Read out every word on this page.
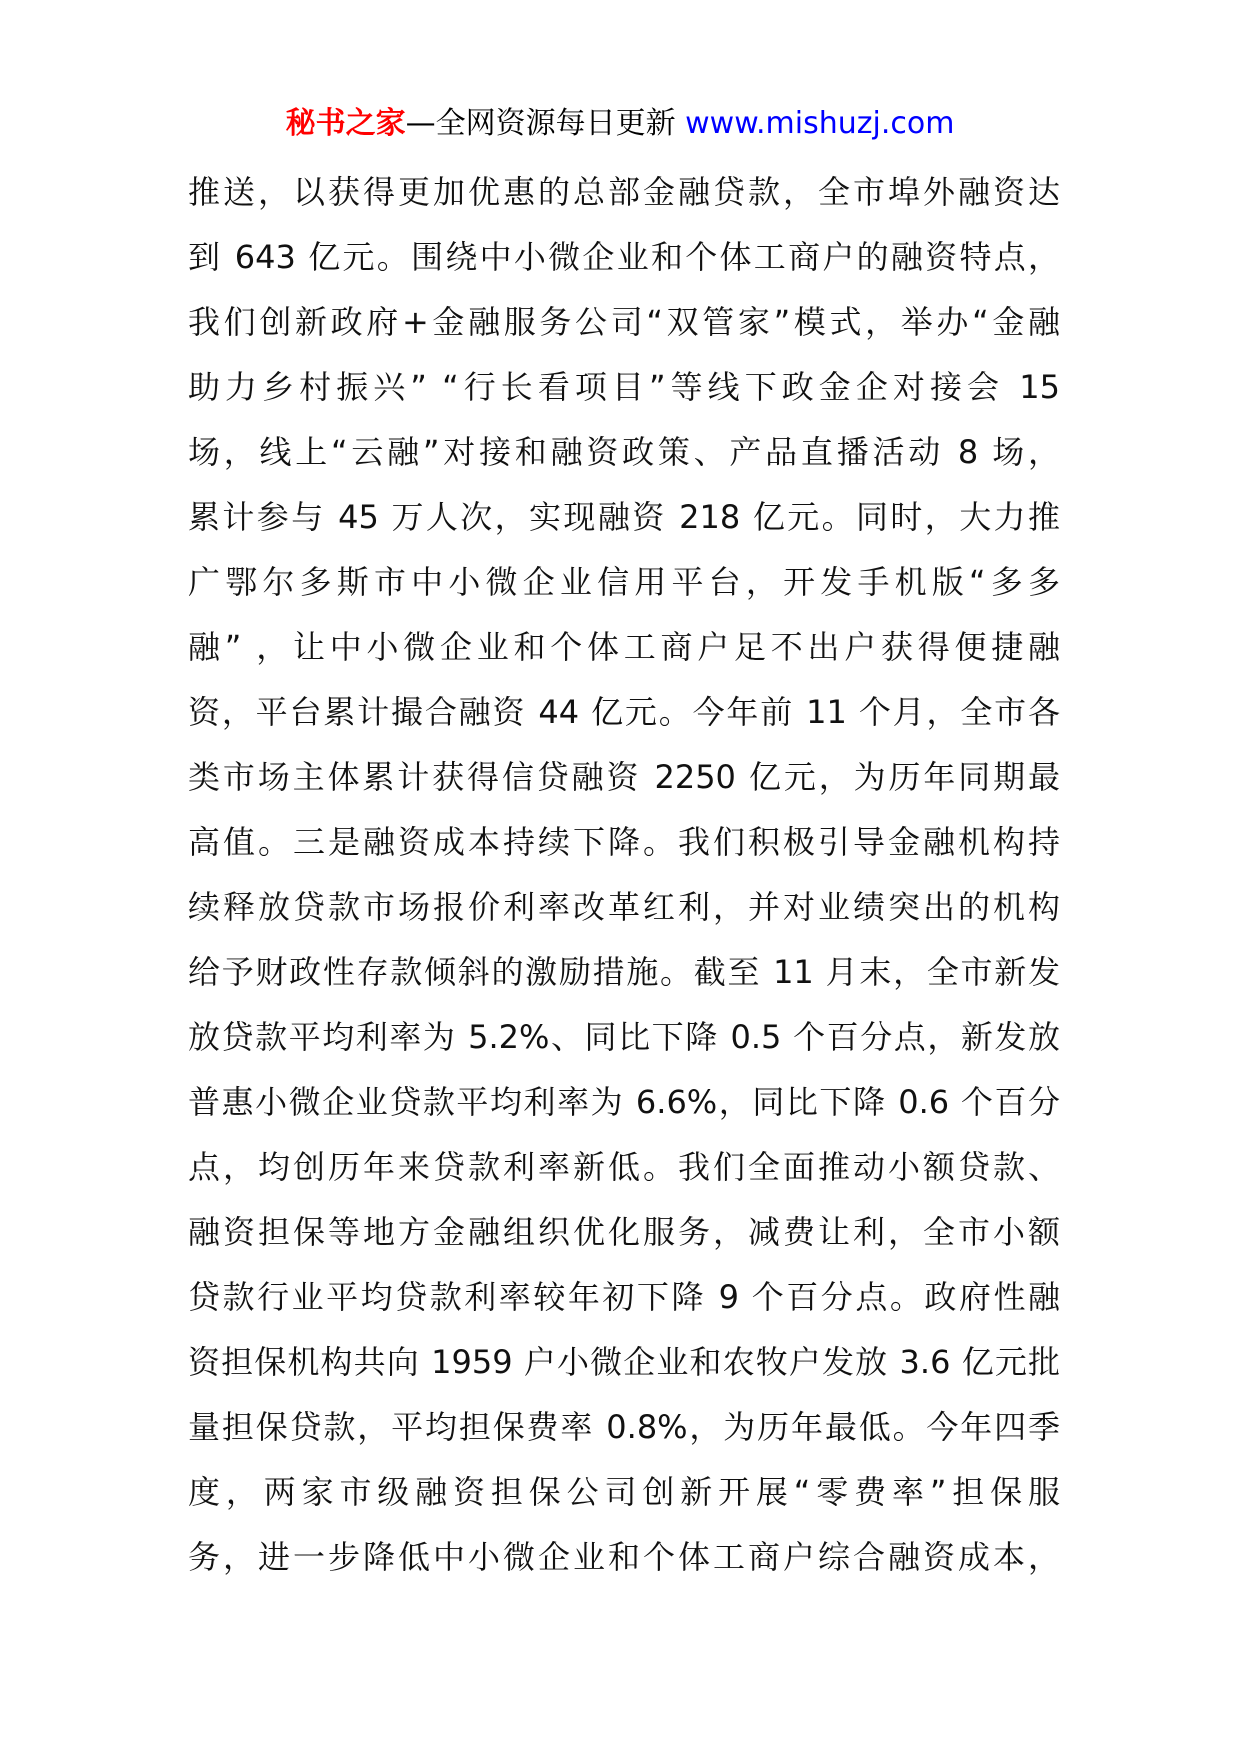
秘书之家—全网资源每日更新 www.mishuzj.com
推送，以获得更加优惠的总部金融贷款，全市埠外融资达
到 643 亿元。围绕中小微企业和个体工商户的融资特点，
我们创新政府+金融服务公司“双管家”模式，举办“金融
助力乡村振兴” “行长看项目”等线下政金企对接会 15
场，线上“云融”对接和融资政策、产品直播活动 8 场，
累计参与 45 万人次，实现融资 218 亿元。同时，大力推
广鄂尔多斯市中小微企业信用平台，开发手机版“多多
融” ，让中小微企业和个体工商户足不出户获得便捷融
资，平台累计撮合融资 44 亿元。今年前 11 个月，全市各
类市场主体累计获得信贷融资 2250 亿元，为历年同期最
高值。三是融资成本持续下降。我们积极引导金融机构持
续释放贷款市场报价利率改革红利，并对业绩突出的机构
给予财政性存款倾斜的激励措施。截至 11 月末，全市新发
放贷款平均利率为 5.2%、同比下降 0.5 个百分点，新发放
普惠小微企业贷款平均利率为 6.6%，同比下降 0.6 个百分
点，均创历年来贷款利率新低。我们全面推动小额贷款、
融资担保等地方金融组织优化服务，减费让利，全市小额
贷款行业平均贷款利率较年初下降 9 个百分点。政府性融
资担保机构共向 1959 户小微企业和农牧户发放 3.6 亿元批
量担保贷款，平均担保费率 0.8%，为历年最低。今年四季
度，两家市级融资担保公司创新开展“零费率”担保服
务，进一步降低中小微企业和个体工商户综合融资成本，
